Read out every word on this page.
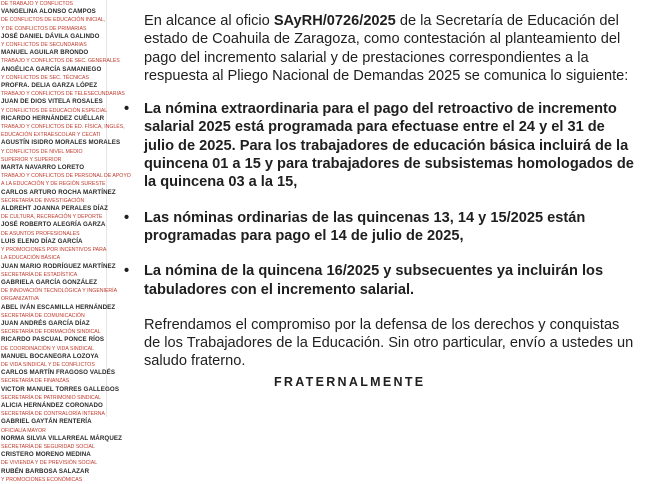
DE TRABAJO Y CONFLICTOS
VANGELINA ALONSO CAMPOS
DE CONFLICTOS DE EDUCACIÓN INICIAL,
Y DE CONFLICTOS DE PRIMARIAS
JOSÉ DANIEL DÁVILA GALINDO
Y CONFLICTOS DE SECUNDARIAS
MANUEL AGUILAR BRONDO
TRABAJO Y CONFLICTOS DE SEC. GENERALES
ANGÉLICA GARCÍA SAMANIEGO
Y CONFLICTOS DE SEC. TÉCNICAS
PROFRA. DELIA GARZA LÓPEZ
TRABAJO Y CONFLICTOS DE TELESECUNDARIAS
JUAN DE DIOS VITELA ROSALES
Y CONFLICTOS DE EDUCACIÓN ESPECIAL
RICARDO HERNÁNDEZ CUÉLLAR
TRABAJO Y CONFLICTOS DE ED. FÍSICA, INGLÉS,
EDUCACIÓN EXTRAESCOLAR Y CECATI
AGUSTÍN ISIDRO MORALES MORALES
Y CONFLICTOS DE NIVEL MEDIO
SUPERIOR Y SUPERIOR
MARTA NAVARRO LORETO
TRABAJO Y CONFLICTOS DE PERSONAL DE APOYO
A LA EDUCACIÓN Y DE REGIÓN SURESTE
CARLOS ARTURO ROCHA MARTÍNEZ
SECRETARÍA DE INVESTIGACIÓN
ALDREHT JOANNA PERALES DÍAZ
DE CULTURA, RECREACIÓN Y DEPORTE
JOSÉ ROBERTO ALEGRÍA GARZA
DE ASUNTOS PROFESIONALES
LUIS ELENO DÍAZ GARCÍA
Y PROMOCIONES POR INCENTIVOS PARA
LA EDUCACIÓN BÁSICA
JUAN MARIO RODRÍGUEZ MARTÍNEZ
SECRETARÍA DE ESTADÍSTICA
GABRIELA GARCÍA GONZÁLEZ
DE INNOVACIÓN TECNOLÓGICA Y INGENIERÍA
ORGANIZATIVA
ABEL IVÁN ESCAMILLA HERNÁNDEZ
SECRETARÍA DE COMUNICACIÓN
JUAN ANDRÉS GARCÍA DÍAZ
SECRETARÍA DE FORMACIÓN SINDICAL
RICARDO PASCUAL PONCE RÍOS
DE COORDINACIÓN Y VIDA SINDICAL
MANUEL BOCANEGRA LOZOYA
DE VIDA SINDICAL Y DE CONFLICTOS
CARLOS MARTÍN FRAGOSO VALDÉS
SECRETARÍA DE FINANZAS
VICTOR MANUEL TORRES GALLEGOS
SECRETARÍA DE PATRIMONIO SINDICAL
ALICIA HERNÁNDEZ CORONADO
SECRETARÍA DE CONTRALORÍA INTERNA
GABRIEL GAYTÁN RENTERÍA
OFICIALÍA MAYOR
NORMA SILVIA VILLARREAL MÁRQUEZ
SECRETARÍA DE SEGURIDAD SOCIAL
CRISTERO MORENO MEDINA
DE VIVIENDA Y DE PREVISIÓN SOCIAL
RUBÉN BARBOSA SALAZAR
Y PROMOCIONES ECONÓMICAS

En alcance al oficio SAyRH/0726/2025 de la Secretaría de Educación del estado de Coahuila de Zaragoza, como contestación al planteamiento del pago del incremento salarial y de prestaciones correspondientes a la respuesta al Pliego Nacional de Demandas 2025 se comunica lo siguiente:

• La nómina extraordinaria para el pago del retroactivo de incremento salarial 2025 está programada para efectuase entre el 24 y el 31 de julio de 2025. Para los trabajadores de educación básica incluirá de la quincena 01 a 15 y para trabajadores de subsistemas homologados de la quincena 03 a la 15,
• Las nóminas ordinarias de las quincenas 13, 14 y 15/2025 están programadas para pago el 14 de julio de 2025,
• La nómina de la quincena 16/2025 y subsecuentes ya incluirán los tabuladores con el incremento salarial.

Refrendamos el compromiso por la defensa de los derechos y conquistas de los Trabajadores de la Educación. Sin otro particular, envío a ustedes un saludo fraterno.

FRATERNALMENTE
